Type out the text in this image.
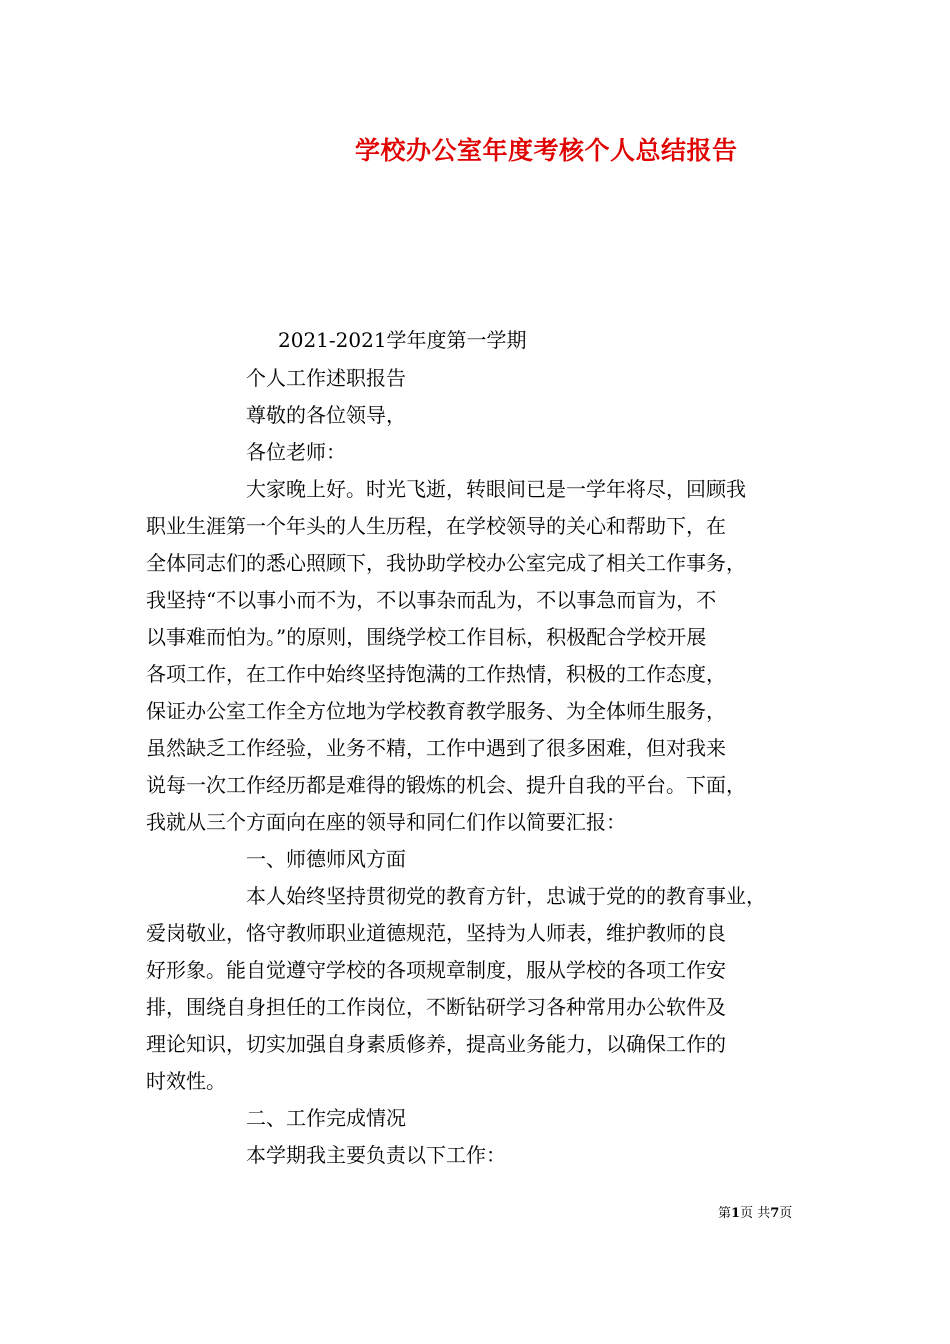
学校办公室年度考核个人总结报告
2021-2021学年度第一学期
个人工作述职报告
尊敬的各位领导，
各位老师：
大家晚上好。时光飞逝，转眼间已是一学年将尽，回顾我
职业生涯第一个年头的人生历程，在学校领导的关心和帮助下，在
全体同志们的悉心照顾下，我协助学校办公室完成了相关工作事务，
我坚持“不以事小而不为，不以事杂而乱为，不以事急而盲为，不
以事难而怕为。”的原则，围绕学校工作目标，积极配合学校开展
各项工作，在工作中始终坚持饱满的工作热情，积极的工作态度，
保证办公室工作全方位地为学校教育教学服务、为全体师生服务，
虽然缺乏工作经验，业务不精，工作中遇到了很多困难，但对我来
说每一次工作经历都是难得的锻炼的机会、提升自我的平台。下面，
我就从三个方面向在座的领导和同仁们作以简要汇报：
一、师德师风方面
本人始终坚持贯彻党的教育方针，忠诚于党的的教育事业，
爱岗敬业，恪守教师职业道德规范，坚持为人师表，维护教师的良
好形象。能自觉遵守学校的各项规章制度，服从学校的各项工作安
排，围绕自身担任的工作岗位，不断钻研学习各种常用办公软件及
理论知识，切实加强自身素质修养，提高业务能力，以确保工作的
时效性。
二、工作完成情况
本学期我主要负责以下工作：
第1页 共7页
